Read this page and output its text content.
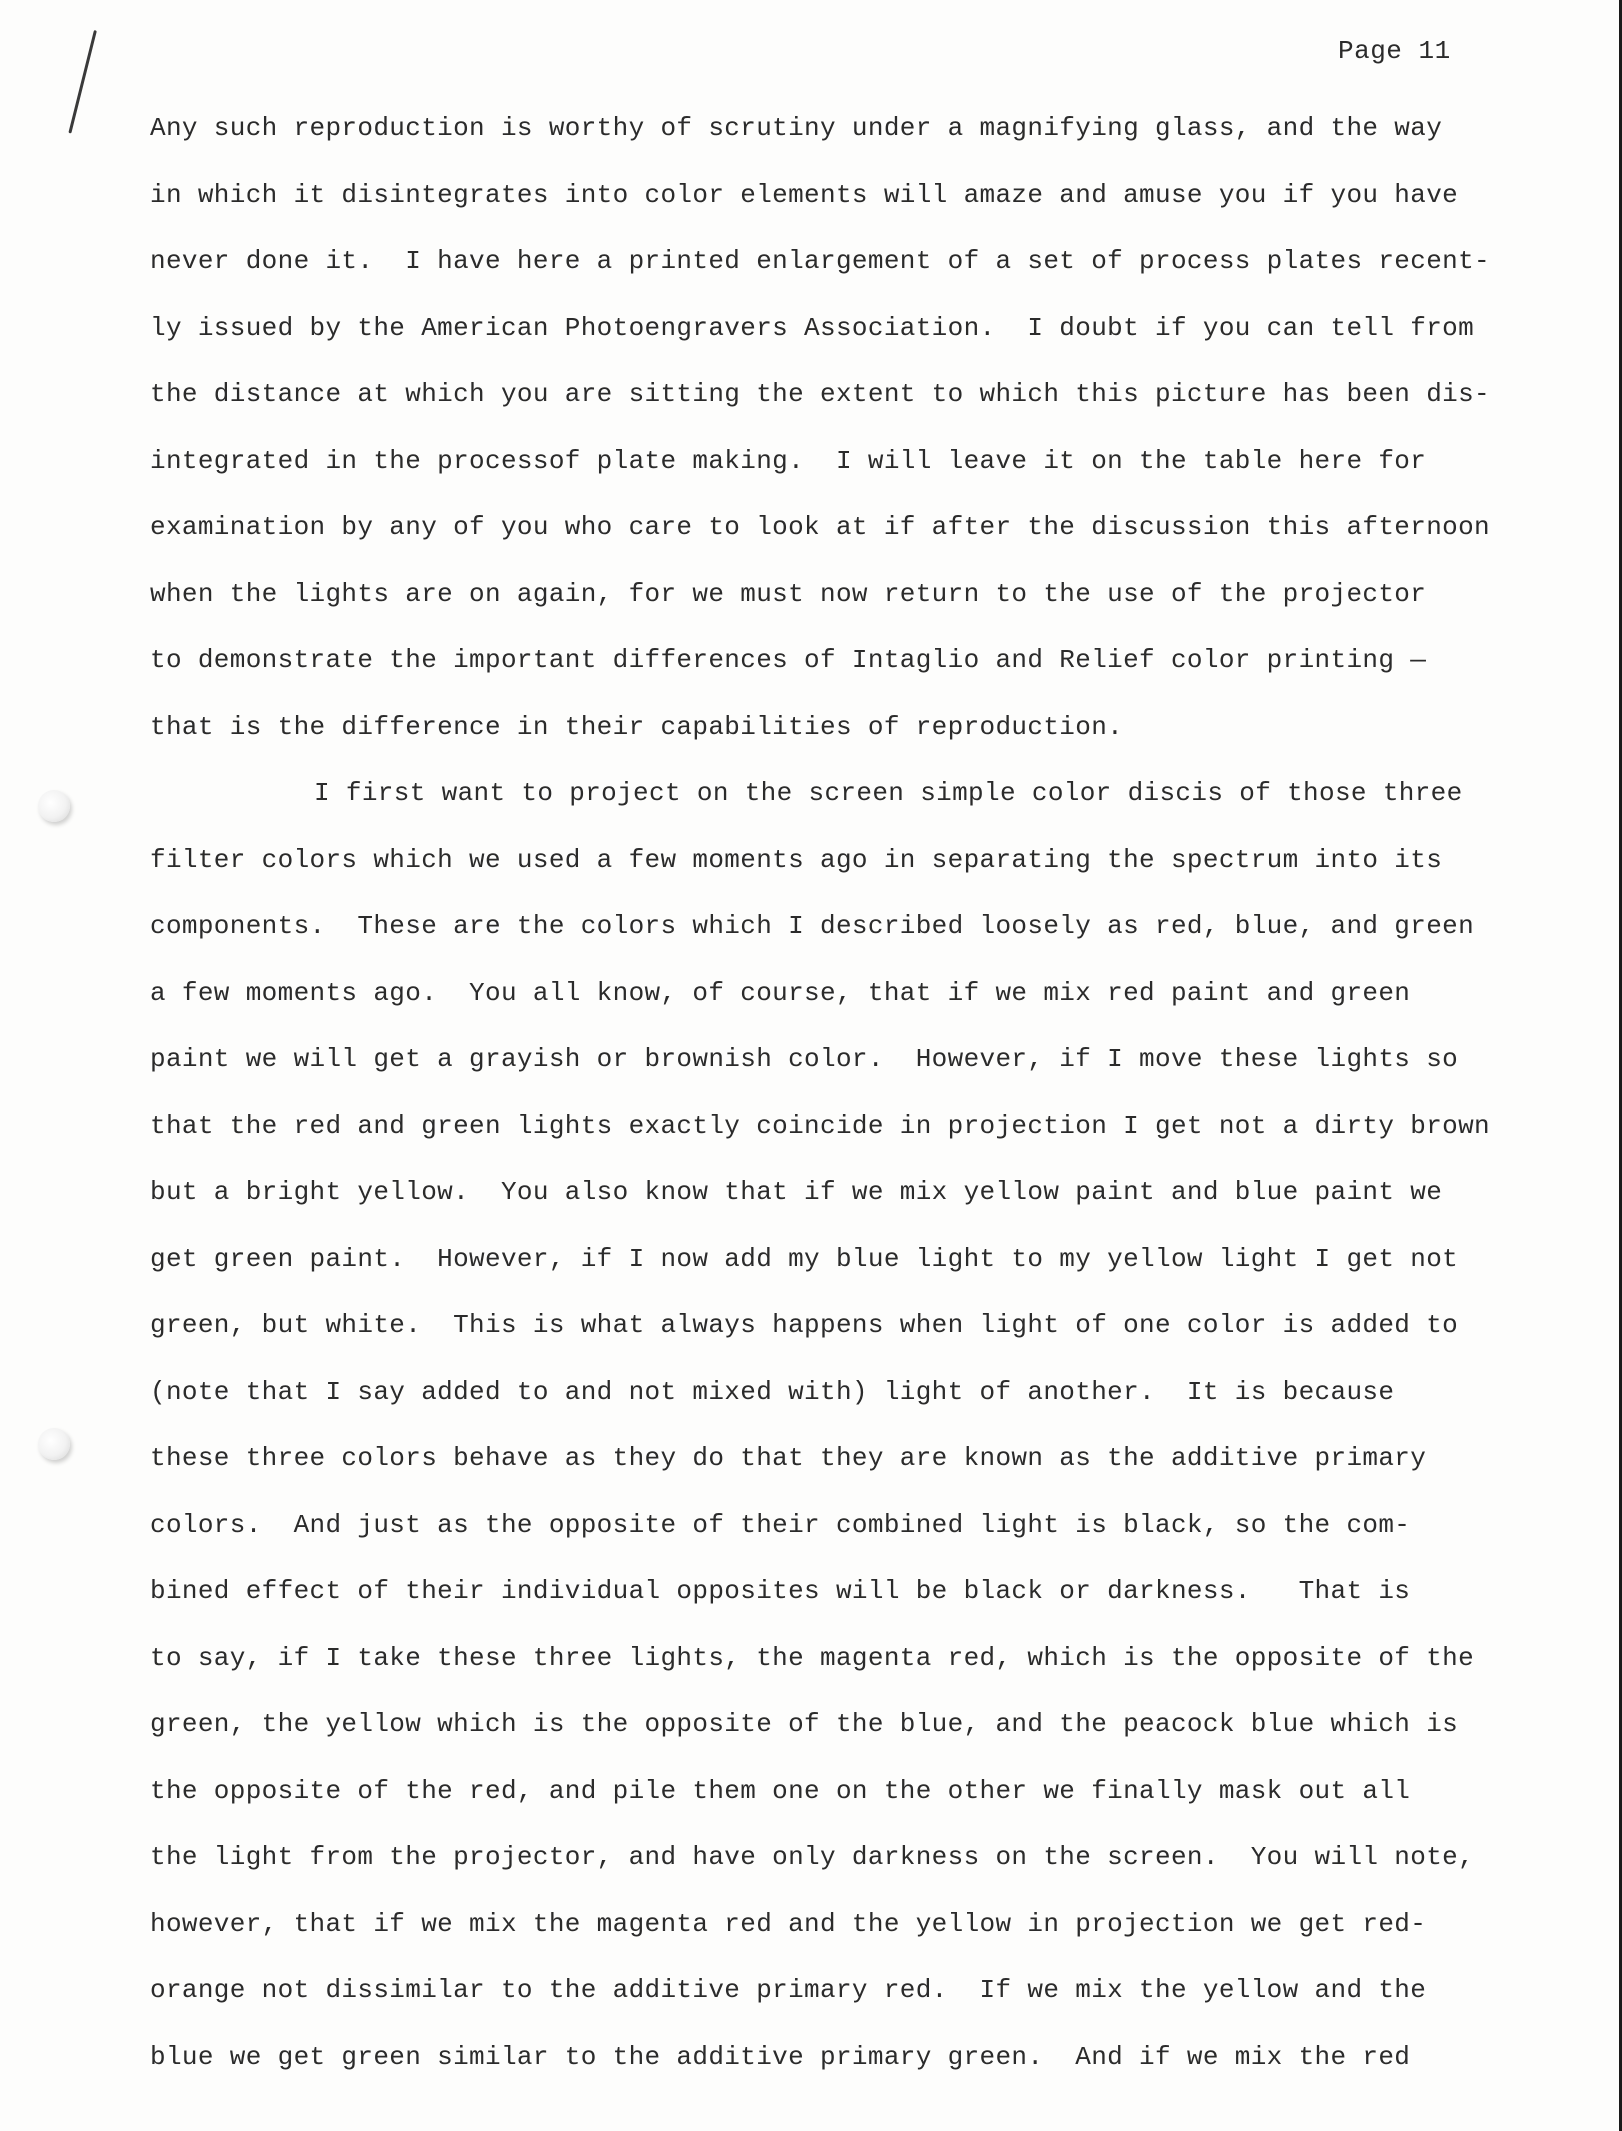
Page 11
Any such reproduction is worthy of scrutiny under a magnifying glass, and the way
in which it disintegrates into color elements will amaze and amuse you if you have
never done it.  I have here a printed enlargement of a set of process plates recent-
ly issued by the American Photoengravers Association.  I doubt if you can tell from
the distance at which you are sitting the extent to which this picture has been dis-
integrated in the processof plate making.  I will leave it on the table here for
examination by any of you who care to look at if after the discussion this afternoon
when the lights are on again, for we must now return to the use of the projector
to demonstrate the important differences of Intaglio and Relief color printing —
that is the difference in their capabilities of reproduction.
I first want to project on the screen simple color discis of those three
filter colors which we used a few moments ago in separating the spectrum into its
components.  These are the colors which I described loosely as red, blue, and green
a few moments ago.  You all know, of course, that if we mix red paint and green
paint we will get a grayish or brownish color.  However, if I move these lights so
that the red and green lights exactly coincide in projection I get not a dirty brown
but a bright yellow.  You also know that if we mix yellow paint and blue paint we
get green paint.  However, if I now add my blue light to my yellow light I get not
green, but white.  This is what always happens when light of one color is added to
(note that I say added to and not mixed with) light of another.  It is because
these three colors behave as they do that they are known as the additive primary
colors.  And just as the opposite of their combined light is black, so the com-
bined effect of their individual opposites will be black or darkness.   That is
to say, if I take these three lights, the magenta red, which is the opposite of the
green, the yellow which is the opposite of the blue, and the peacock blue which is
the opposite of the red, and pile them one on the other we finally mask out all
the light from the projector, and have only darkness on the screen.  You will note,
however, that if we mix the magenta red and the yellow in projection we get red-
orange not dissimilar to the additive primary red.  If we mix the yellow and the
blue we get green similar to the additive primary green.  And if we mix the red
